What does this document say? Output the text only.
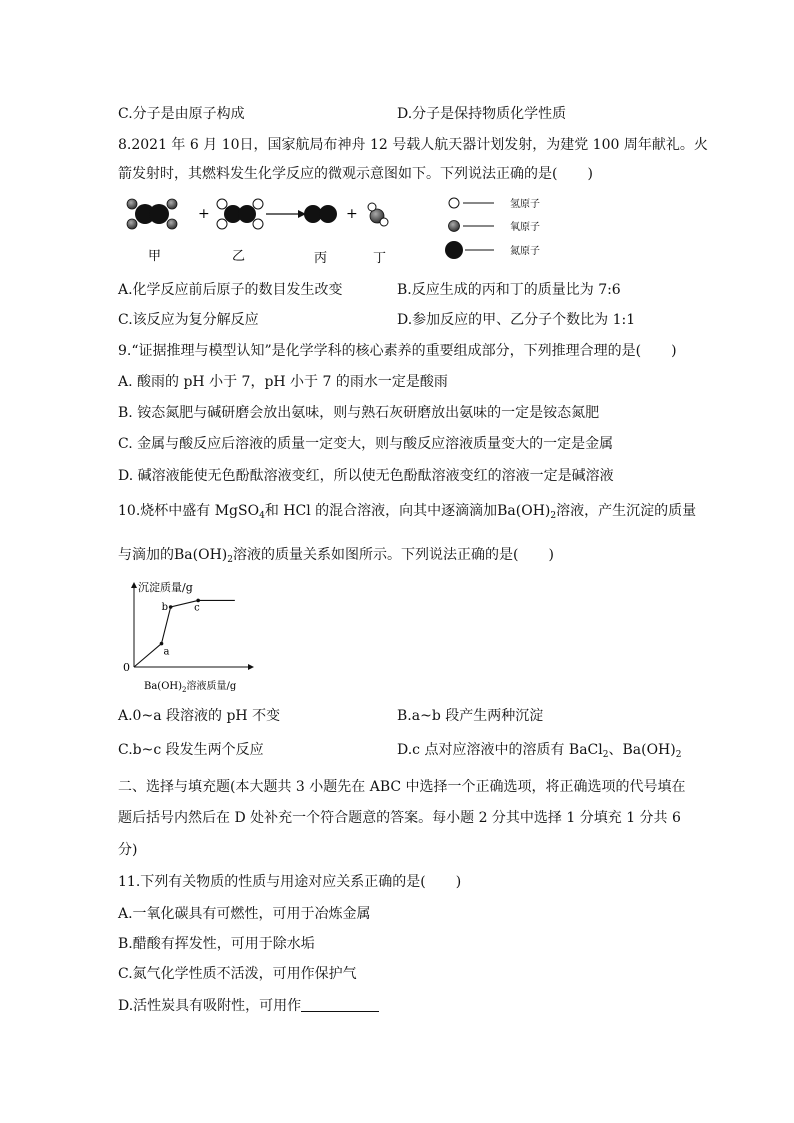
C.分子是由原子构成	D.分子是保持物质化学性质
8.2021 年 6 月 10日，国家航局布神舟 12 号载人航天器计划发射，为建党 100 周年献礼。火
箭发射时，其燃料发生化学反应的微观示意图如下。下列说法正确的是( )
+	+
氢原子
氧原子
氮原子
甲	乙	丙	丁
A.化学反应前后原子的数目发生改变	B.反应生成的丙和丁的质量比为 7:6
C.该反应为复分解反应	D.参加反应的甲、乙分子个数比为 1:1
9.“证据推理与模型认知”是化学学科的核心素养的重要组成部分，下列推理合理的是( )
A. 酸雨的 pH 小于 7，pH 小于 7 的雨水一定是酸雨
B. 铵态氮肥与碱研磨会放出氨味，则与熟石灰研磨放出氨味的一定是铵态氮肥
C. 金属与酸反应后溶液的质量一定变大，则与酸反应溶液质量变大的一定是金属
D. 碱溶液能使无色酚酞溶液变红，所以使无色酚酞溶液变红的溶液一定是碱溶液
10.烧杯中盛有 MgSO$_4$和 HCl 的混合溶液，向其中逐滴滴加$Ba(OH)_2$溶液，产生沉淀的质量
与滴加的$Ba(OH)_2$溶液的质量关系如图所示。下列说法正确的是( )
a
b	c
沉淀质量/g
0
$Ba(OH)_2$溶液质量/g
A.0~a 段溶液的 pH 不变	B.a~b 段产生两种沉淀
C.b~c 段发生两个反应	D.c 点对应溶液中的溶质有 BaCl$_2$、$Ba(OH)_2$
二、选择与填充题(本大题共 3 小题先在 ABC 中选择一个正确选项，将正确选项的代号填在
题后括号内然后在 D 处补充一个符合题意的答案。每小题 2 分其中选择 1 分填充 1 分共 6
分)
11.下列有关物质的性质与用途对应关系正确的是( )
A.一氧化碳具有可燃性，可用于冶炼金属
B.醋酸有挥发性，可用于除水垢
C.氮气化学性质不活泼，可用作保护气
D.活性炭具有吸附性，可用作
